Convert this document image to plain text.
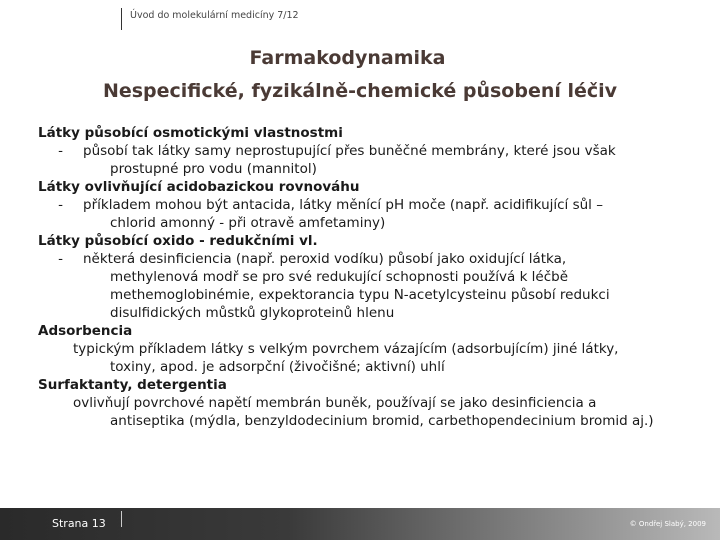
Úvod do molekulární medicíny 7/12
Farmakodynamika
Nespecifické, fyzikálně-chemické působení léčiv
Látky působící osmotickými vlastnostmi
- působí tak látky samy neprostupující přes buněčné membrány, které jsou však
prostupné pro vodu (mannitol)
Látky ovlivňující acidobazickou rovnováhu
- příkladem mohou být antacida, látky měnící pH moče (např. acidifikující sůl –
chlorid amonný - při otravě amfetaminy)
Látky působící oxido - redukčními vl.
- některá desinficiencia (např. peroxid vodíku) působí jako oxidující látka,
methylenová modř se pro své redukující schopnosti používá k léčbě
methemoglobinémie, expektorancia typu N-acetylcysteinu působí redukci
disulfidických můstků glykoproteinů hlenu
Adsorbencia
typickým příkladem látky s velkým povrchem vázajícím (adsorbujícím) jiné látky,
toxiny, apod. je adsorpční (živočišné; aktivní) uhlí
Surfaktanty, detergentia
ovlivňují povrchové napětí membrán buněk, používají se jako desinficiencia a
antiseptika (mýdla, benzyldodecinium bromid, carbethopendecinium bromid aj.)
Strana 13	© Ondřej Slabý, 2009
